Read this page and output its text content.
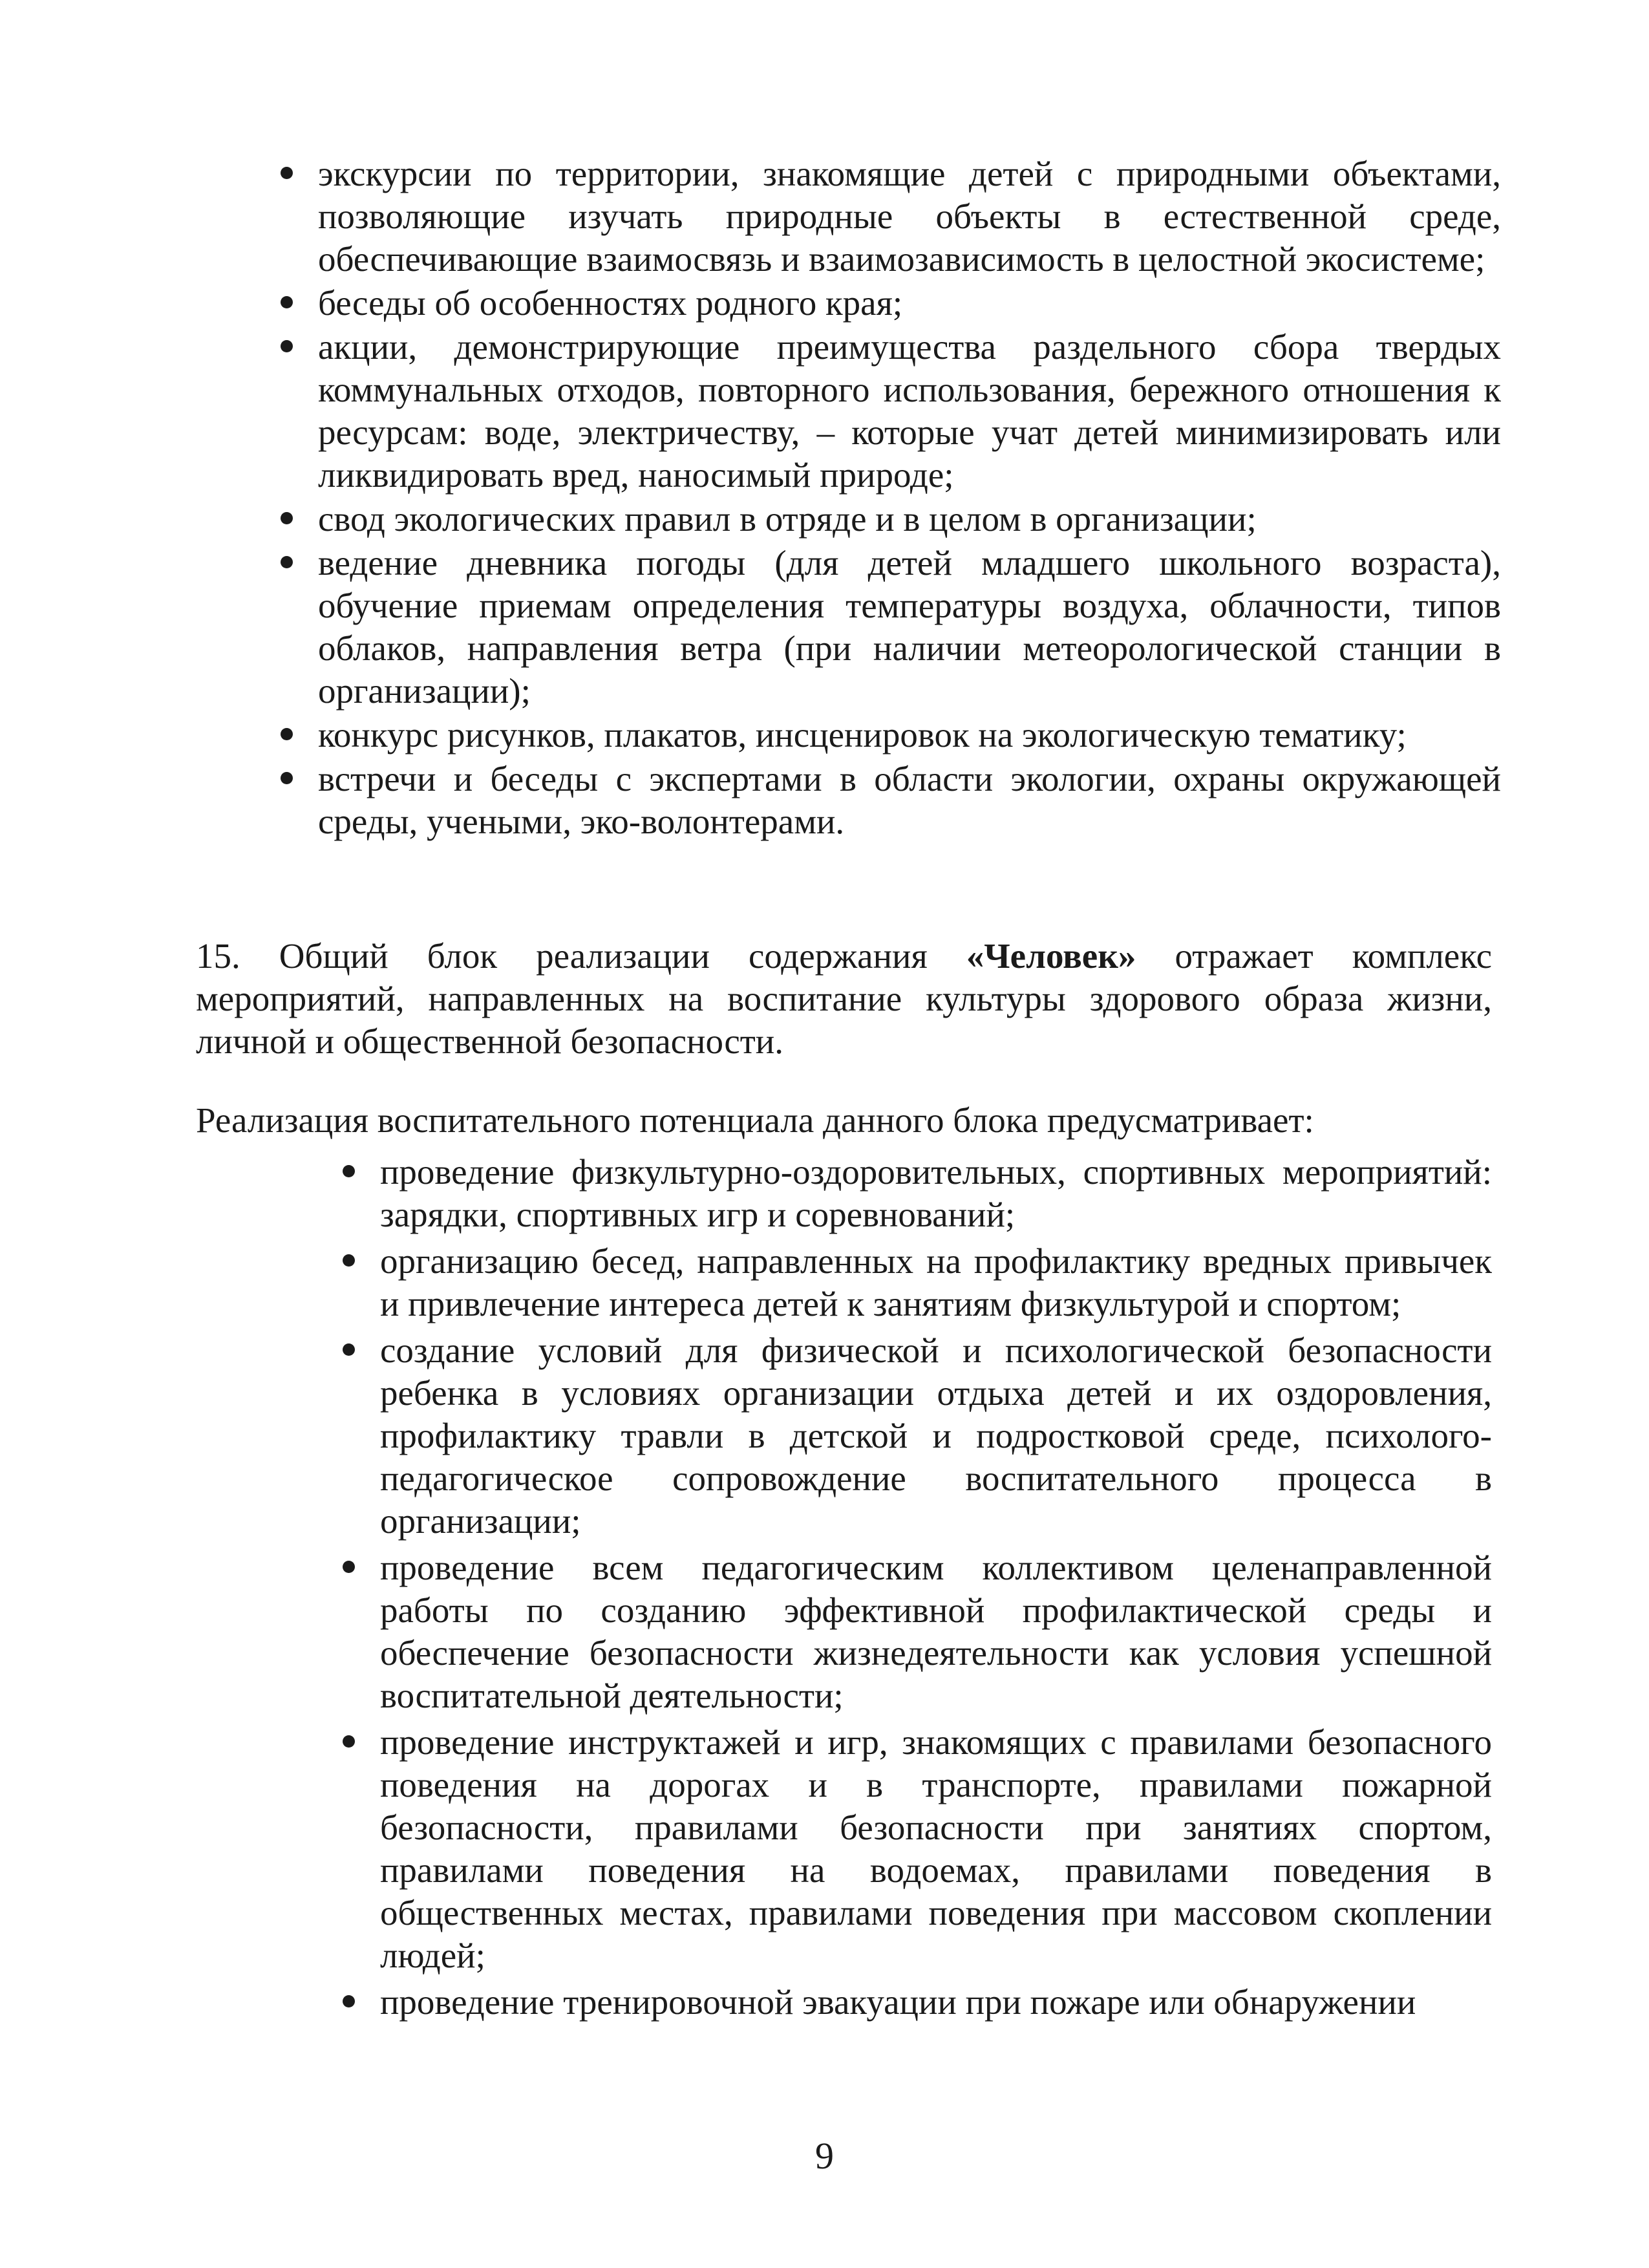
экскурсии по территории, знакомящие детей с природными объектами, позволяющие изучать природные объекты в естественной среде, обеспечивающие взаимосвязь и взаимозависимость в целостной экосистеме;
беседы об особенностях родного края;
акции, демонстрирующие преимущества раздельного сбора твердых коммунальных отходов, повторного использования, бережного отношения к ресурсам: воде, электричеству, – которые учат детей минимизировать или ликвидировать вред, наносимый природе;
свод экологических правил в отряде и в целом в организации;
ведение дневника погоды (для детей младшего школьного возраста), обучение приемам определения температуры воздуха, облачности, типов облаков, направления ветра (при наличии метеорологической станции в организации);
конкурс рисунков, плакатов, инсценировок на экологическую тематику;
встречи и беседы с экспертами в области экологии, охраны окружающей среды, учеными, эко-волонтерами.

15. Общий блок реализации содержания «Человек» отражает комплекс мероприятий, направленных на воспитание культуры здорового образа жизни, личной и общественной безопасности.

Реализация воспитательного потенциала данного блока предусматривает:

проведение физкультурно-оздоровительных, спортивных мероприятий: зарядки, спортивных игр и соревнований;
организацию бесед, направленных на профилактику вредных привычек и привлечение интереса детей к занятиям физкультурой и спортом;
создание условий для физической и психологической безопасности ребенка в условиях организации отдыха детей и их оздоровления, профилактику травли в детской и подростковой среде, психолого-педагогическое сопровождение воспитательного процесса в организации;
проведение всем педагогическим коллективом целенаправленной работы по созданию эффективной профилактической среды и обеспечение безопасности жизнедеятельности как условия успешной воспитательной деятельности;
проведение инструктажей и игр, знакомящих с правилами безопасного поведения на дорогах и в транспорте, правилами пожарной безопасности, правилами безопасности при занятиях спортом, правилами поведения на водоемах, правилами поведения в общественных местах, правилами поведения при массовом скоплении людей;
проведение тренировочной эвакуации при пожаре или обнаружении
9
